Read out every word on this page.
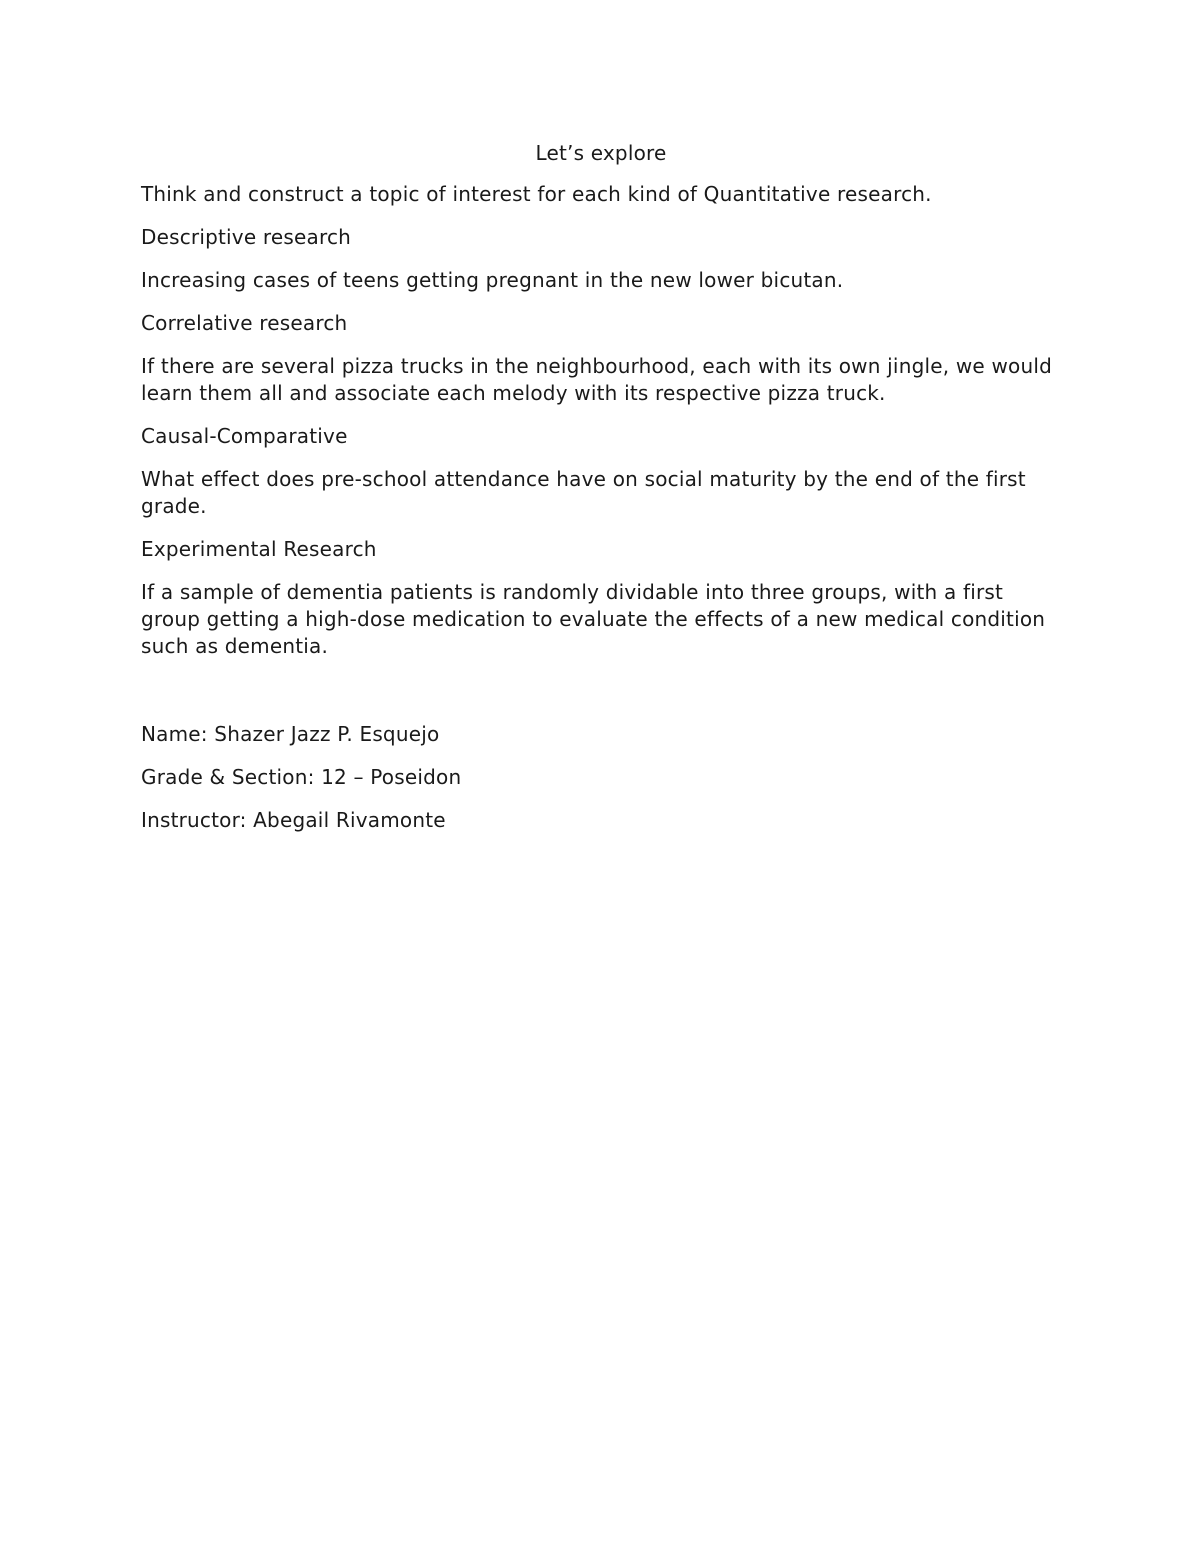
Let’s explore
Think and construct a topic of interest for each kind of Quantitative research.
Descriptive research
Increasing cases of teens getting pregnant in the new lower bicutan.
Correlative research
If there are several pizza trucks in the neighbourhood, each with its own jingle, we would learn them all and associate each melody with its respective pizza truck.
Causal-Comparative
What effect does pre-school attendance have on social maturity by the end of the first grade.
Experimental Research
If a sample of dementia patients is randomly dividable into three groups, with a first group getting a high-dose medication to evaluate the effects of a new medical condition such as dementia.
Name: Shazer Jazz P. Esquejo
Grade & Section: 12 – Poseidon
Instructor: Abegail Rivamonte
